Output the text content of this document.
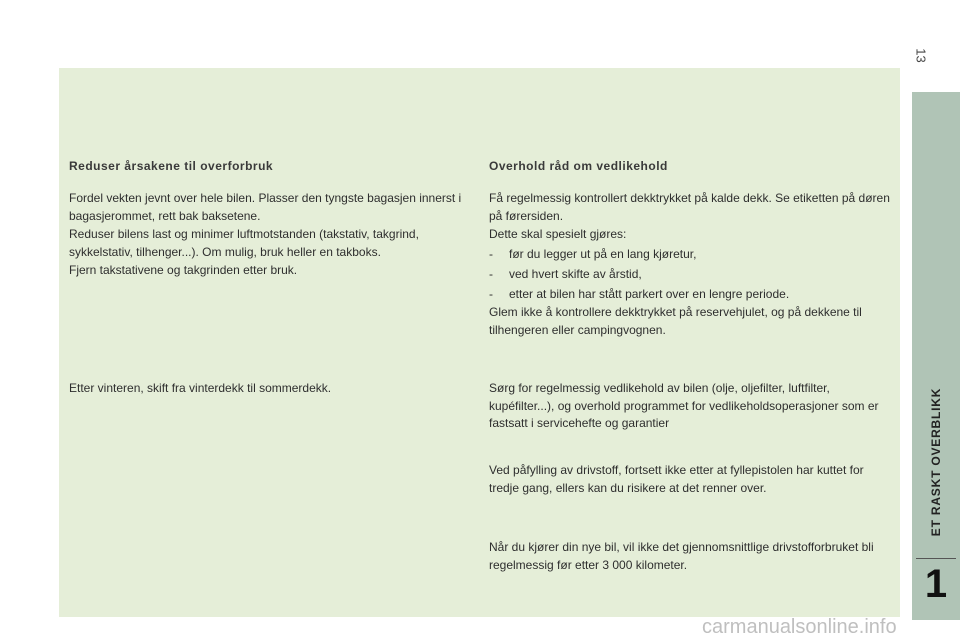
13
Reduser årsakene til overforbruk

Fordel vekten jevnt over hele bilen. Plasser den tyngste bagasjen innerst i bagasjerommet, rett bak baksetene.

Reduser bilens last og minimer luftmotstanden (takstativ, takgrind, sykkelstativ, tilhenger...). Om mulig, bruk heller en takboks.

Fjern takstativene og takgrinden etter bruk.

Etter vinteren, skift fra vinterdekk til sommerdekk.

Overhold råd om vedlikehold

Få regelmessig kontrollert dekktrykket på kalde dekk. Se etiketten på døren på førersiden.

Dette skal spesielt gjøres:

-	før du legger ut på en lang kjøretur,
-	ved hvert skifte av årstid,
-	etter at bilen har stått parkert over en lengre periode.

Glem ikke å kontrollere dekktrykket på reservehjulet, og på dekkene til tilhengeren eller campingvognen.

Sørg for regelmessig vedlikehold av bilen (olje, oljefilter, luftfilter, kupéfilter...), og overhold programmet for vedlikeholdsoperasjoner som er fastsatt i servicehefte og garantier

Ved påfylling av drivstoff, fortsett ikke etter at fyllepistolen har kuttet for tredje gang, ellers kan du risikere at det renner over.

Når du kjører din nye bil, vil ikke det gjennomsnittlige drivstofforbruket bli regelmessig før etter 3 000 kilometer.

ET RASKT OVERBLIKK
1
carmanualsonline.info
